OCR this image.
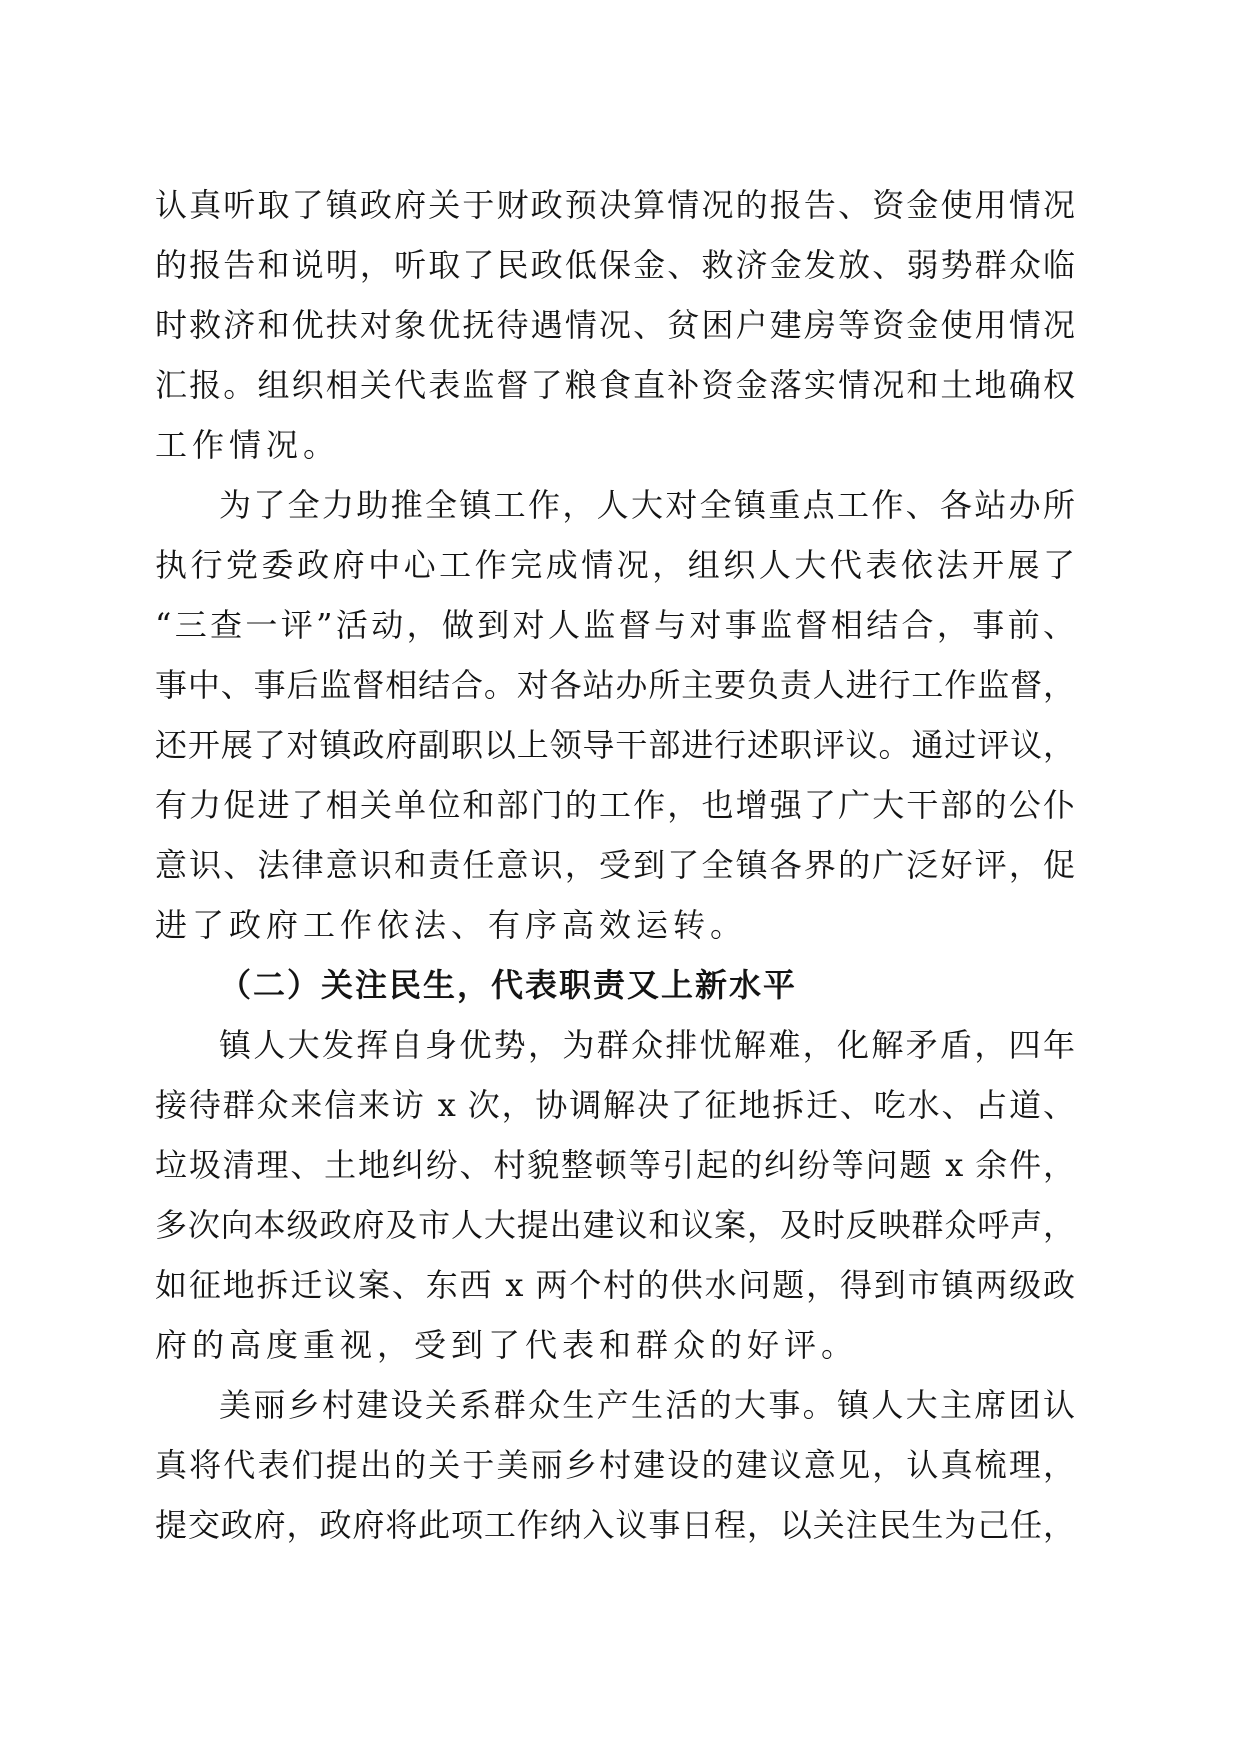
认真听取了镇政府关于财政预决算情况的报告、资金使用情况
的报告和说明，听取了民政低保金、救济金发放、弱势群众临
时救济和优扶对象优抚待遇情况、贫困户建房等资金使用情况
汇报。组织相关代表监督了粮食直补资金落实情况和土地确权
工作情况。
为了全力助推全镇工作，人大对全镇重点工作、各站办所
执行党委政府中心工作完成情况，组织人大代表依法开展了
“三查一评”活动，做到对人监督与对事监督相结合，事前、
事中、事后监督相结合。对各站办所主要负责人进行工作监督，
还开展了对镇政府副职以上领导干部进行述职评议。通过评议，
有力促进了相关单位和部门的工作，也增强了广大干部的公仆
意识、法律意识和责任意识，受到了全镇各界的广泛好评，促
进了政府工作依法、有序高效运转。
（二）关注民生，代表职责又上新水平
镇人大发挥自身优势，为群众排忧解难，化解矛盾，四年
接待群众来信来访 x 次，协调解决了征地拆迁、吃水、占道、
垃圾清理、土地纠纷、村貌整顿等引起的纠纷等问题 x 余件，
多次向本级政府及市人大提出建议和议案，及时反映群众呼声，
如征地拆迁议案、东西 x 两个村的供水问题，得到市镇两级政
府的高度重视，受到了代表和群众的好评。
美丽乡村建设关系群众生产生活的大事。镇人大主席团认
真将代表们提出的关于美丽乡村建设的建议意见，认真梳理，
提交政府，政府将此项工作纳入议事日程，以关注民生为己任，
